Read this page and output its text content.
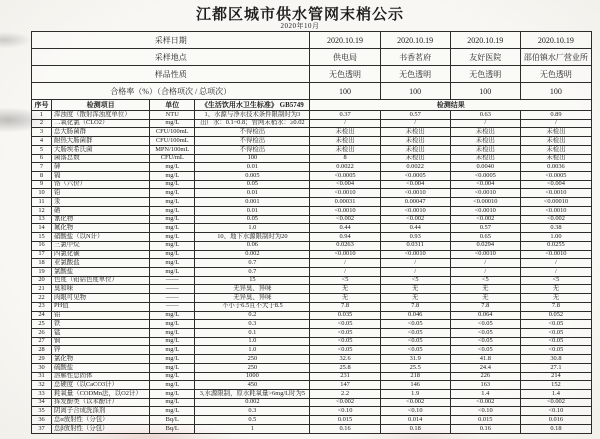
江都区城市供水管网末梢公示
2020年10月
采样日期				2020.10.19	2020.10.19	2020.10.19	2020.10.19
采样地点				供电局	书香茗府	友好医院	邵伯镇水厂营业所
样品性质				无色透明	无色透明	无色透明	无色透明
合格率（%）（合格项次 / 总项次）				100	100	100	100
序号	检测项目	单位	《生活饮用水卫生标准》 GB5749	检测结果			
1	浑浊度（散射浑浊度单位）	NTU	1、水源与净水技术条件限制时为3	0.37	0.57	0.63	0.89
2	二氧化氯（CLO2）	mg/L	出厂水：0.1~0.8；管网末梢水：≥0.02	/	/	/	/
3	总大肠菌群	CFU/100mL	不得检出	未检出	未检出	未检出	未检出
4	耐热大肠菌群	CFU/100mL	不得检出	未检出	未检出	未检出	未检出
5	大肠埃希氏菌	MPN/100mL	不得检出	未检出	未检出	未检出	未检出
6	菌落总数	CFU/mL	100	8	未检出	未检出	未检出
7	砷	mg/L	0.01	0.0022	0.0022	0.0040	0.0036
8	镉	mg/L	0.005	<0.0005	<0.0005	<0.0005	<0.0005
9	铬（六价）	mg/L	0.05	<0.004	<0.004	<0.004	<0.004
10	铅	mg/L	0.01	<0.0010	<0.0010	<0.0010	<0.0010
11	汞	mg/L	0.001	0.00031	0.00047	<0.00010	<0.00010
12	硒	mg/L	0.01	<0.0010	<0.0010	<0.0010	<0.0010
13	氰化物	mg/L	0.05	<0.002	<0.002	<0.002	<0.002
14	氟化物	mg/L	1.0	0.44	0.44	0.57	0.38
15	硝酸盐（以N计）	mg/L	10、地下水源限制时为20	0.94	0.93	0.65	1.00
16	三氯甲烷	mg/L	0.06	0.0263	0.0311	0.0294	0.0255
17	四氯化碳	mg/L	0.002	<0.0010	<0.0010	<0.0010	<0.0010
18	亚氯酸盐	mg/L	0.7	/	/	/	/
19	氯酸盐	mg/L	0.7	/	/	/	/
20	色度（铂钴色度单位）	——	15	<5	<5	<5	<5
21	臭和味	——	无异臭、异味	无	无	无	无
22	肉眼可见物	——	无异臭、异味	无	无	无	无
23	PH值	——	不小于6.5且不大于8.5	7.8	7.8	7.8	7.8
24	铝	mg/L	0.2	0.035	0.046	0.064	0.052
25	铁	mg/L	0.3	<0.05	<0.05	<0.05	<0.05
26	锰	mg/L	0.1	<0.05	<0.05	<0.05	<0.05
27	铜	mg/L	1.0	<0.05	<0.05	<0.05	<0.05
28	锌	mg/L	1.0	<0.05	<0.05	<0.05	<0.05
29	氯化物	mg/L	250	32.6	31.9	41.8	30.8
30	硫酸盐	mg/L	250	25.8	25.5	24.4	27.1
31	溶解性总固体	mg/L	1000	231	218	226	214
32	总硬度（以CaCO3计）	mg/L	450	147	146	163	152
33	耗氧量（CODMn法，以O2计）	mg/L	3,水源限制，原水耗氧量>6mg/L时为5	2.2	1.9	1.4	1.4
34	挥发酚类（以苯酚计）	mg/L	0.002	<0.002	<0.002	<0.002	<0.002
35	阴离子合成洗涤剂	mg/L	0.3	<0.10	<0.10	<0.10	<0.10
36	总α放射性（分包）	Bq/L	0.5	0.015	0.014	0.015	0.016
37	总β放射性（分包）	Bq/L	1	0.16	0.18	0.16	0.18
